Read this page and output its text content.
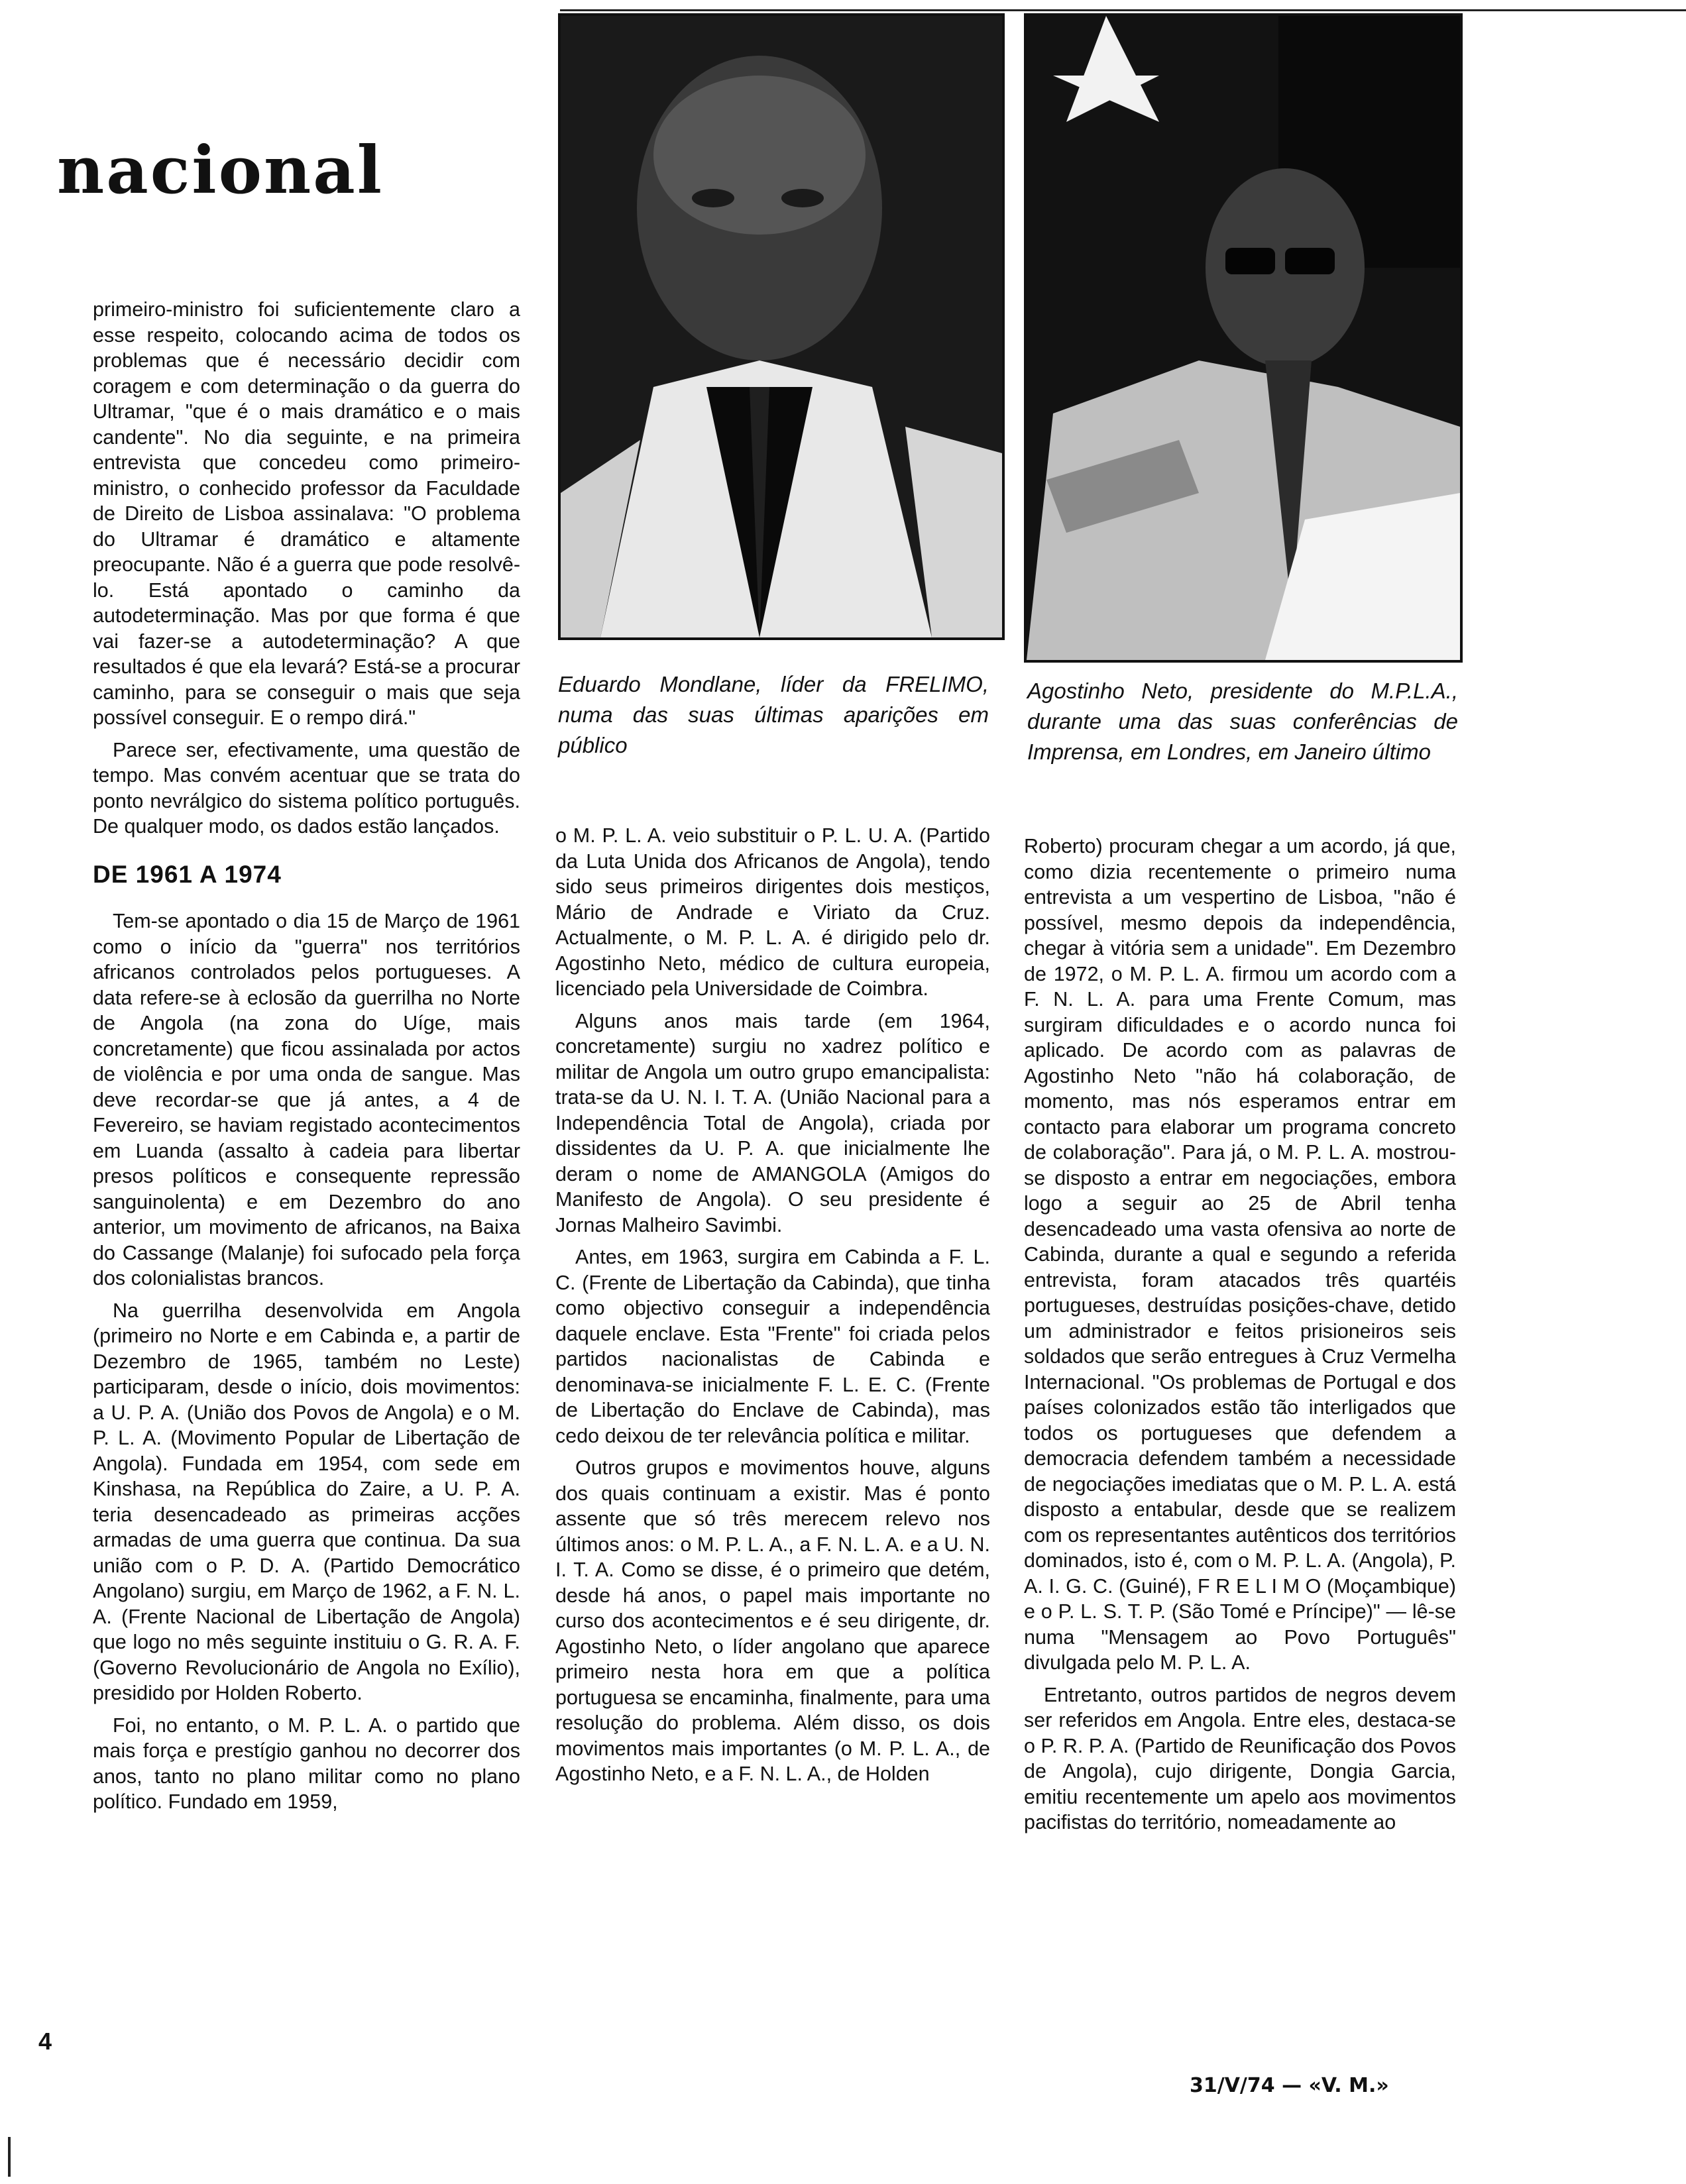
nacional

Eduardo Mondlane, líder da FRELIMO, numa das suas últimas aparições em público

Agostinho Neto, presidente do M.P.L.A., durante uma das suas conferências de Imprensa, em Londres, em Janeiro último

primeiro-ministro foi suficientemente claro a esse respeito, colocando acima de todos os problemas que é necessário decidir com coragem e com determinação o da guerra do Ultramar, "que é o mais dramático e o mais candente". No dia seguinte, e na primeira entrevista que concedeu como primeiro-ministro, o conhecido professor da Faculdade de Direito de Lisboa assinalava: "O problema do Ultramar é dramático e altamente preocupante. Não é a guerra que pode resolvê-lo. Está apontado o caminho da autodeterminação. Mas por que forma é que vai fazer-se a autodeterminação? A que resultados é que ela levará? Está-se a procurar caminho, para se conseguir o mais que seja possível conseguir. E o rempo dirá."

Parece ser, efectivamente, uma questão de tempo. Mas convém acentuar que se trata do ponto nevrálgico do sistema político português. De qualquer modo, os dados estão lançados.

DE 1961 A 1974

Tem-se apontado o dia 15 de Março de 1961 como o início da "guerra" nos territórios africanos controlados pelos portugueses. A data refere-se à eclosão da guerrilha no Norte de Angola (na zona do Uíge, mais concretamente) que ficou assinalada por actos de violência e por uma onda de sangue. Mas deve recordar-se que já antes, a 4 de Fevereiro, se haviam registado acontecimentos em Luanda (assalto à cadeia para libertar presos políticos e consequente repressão sanguinolenta) e em Dezembro do ano anterior, um movimento de africanos, na Baixa do Cassange (Malanje) foi sufocado pela força dos colonialistas brancos.

Na guerrilha desenvolvida em Angola (primeiro no Norte e em Cabinda e, a partir de Dezembro de 1965, também no Leste) participaram, desde o início, dois movimentos: a U. P. A. (União dos Povos de Angola) e o M. P. L. A. (Movimento Popular de Libertação de Angola). Fundada em 1954, com sede em Kinshasa, na República do Zaire, a U. P. A. teria desencadeado as primeiras acções armadas de uma guerra que continua. Da sua união com o P. D. A. (Partido Democrático Angolano) surgiu, em Março de 1962, a F. N. L. A. (Frente Nacional de Libertação de Angola) que logo no mês seguinte instituiu o G. R. A. F. (Governo Revolucionário de Angola no Exílio), presidido por Holden Roberto.

Foi, no entanto, o M. P. L. A. o partido que mais força e prestígio ganhou no decorrer dos anos, tanto no plano militar como no plano político. Fundado em 1959,

o M. P. L. A. veio substituir o P. L. U. A. (Partido da Luta Unida dos Africanos de Angola), tendo sido seus primeiros dirigentes dois mestiços, Mário de Andrade e Viriato da Cruz. Actualmente, o M. P. L. A. é dirigido pelo dr. Agostinho Neto, médico de cultura europeia, licenciado pela Universidade de Coimbra.

Alguns anos mais tarde (em 1964, concretamente) surgiu no xadrez político e militar de Angola um outro grupo emancipalista: trata-se da U. N. I. T. A. (União Nacional para a Independência Total de Angola), criada por dissidentes da U. P. A. que inicialmente lhe deram o nome de AMANGOLA (Amigos do Manifesto de Angola). O seu presidente é Jornas Malheiro Savimbi.

Antes, em 1963, surgira em Cabinda a F. L. C. (Frente de Libertação da Cabinda), que tinha como objectivo conseguir a independência daquele enclave. Esta "Frente" foi criada pelos partidos nacionalistas de Cabinda e denominava-se inicialmente F. L. E. C. (Frente de Libertação do Enclave de Cabinda), mas cedo deixou de ter relevância política e militar.

Outros grupos e movimentos houve, alguns dos quais continuam a existir. Mas é ponto assente que só três merecem relevo nos últimos anos: o M. P. L. A., a F. N. L. A. e a U. N. I. T. A. Como se disse, é o primeiro que detém, desde há anos, o papel mais importante no curso dos acontecimentos e é seu dirigente, dr. Agostinho Neto, o líder angolano que aparece primeiro nesta hora em que a política portuguesa se encaminha, finalmente, para uma resolução do problema. Além disso, os dois movimentos mais importantes (o M. P. L. A., de Agostinho Neto, e a F. N. L. A., de Holden

Roberto) procuram chegar a um acordo, já que, como dizia recentemente o primeiro numa entrevista a um vespertino de Lisboa, "não é possível, mesmo depois da independência, chegar à vitória sem a unidade". Em Dezembro de 1972, o M. P. L. A. firmou um acordo com a F. N. L. A. para uma Frente Comum, mas surgiram dificuldades e o acordo nunca foi aplicado. De acordo com as palavras de Agostinho Neto "não há colaboração, de momento, mas nós esperamos entrar em contacto para elaborar um programa concreto de colaboração". Para já, o M. P. L. A. mostrou-se disposto a entrar em negociações, embora logo a seguir ao 25 de Abril tenha desencadeado uma vasta ofensiva ao norte de Cabinda, durante a qual e segundo a referida entrevista, foram atacados três quartéis portugueses, destruídas posições-chave, detido um administrador e feitos prisioneiros seis soldados que serão entregues à Cruz Vermelha Internacional. "Os problemas de Portugal e dos países colonizados estão tão interligados que todos os portugueses que defendem a democracia defendem também a necessidade de negociações imediatas que o M. P. L. A. está disposto a entabular, desde que se realizem com os representantes autênticos dos territórios dominados, isto é, com o M. P. L. A. (Angola), P. A. I. G. C. (Guiné), F R E L I M O (Moçambique) e o P. L. S. T. P. (São Tomé e Príncipe)" — lê-se numa "Mensagem ao Povo Português" divulgada pelo M. P. L. A.

Entretanto, outros partidos de negros devem ser referidos em Angola. Entre eles, destaca-se o P. R. P. A. (Partido de Reunificação dos Povos de Angola), cujo dirigente, Dongia Garcia, emitiu recentemente um apelo aos movimentos pacifistas do território, nomeadamente ao

4
31/V/74 — «V. M.»
